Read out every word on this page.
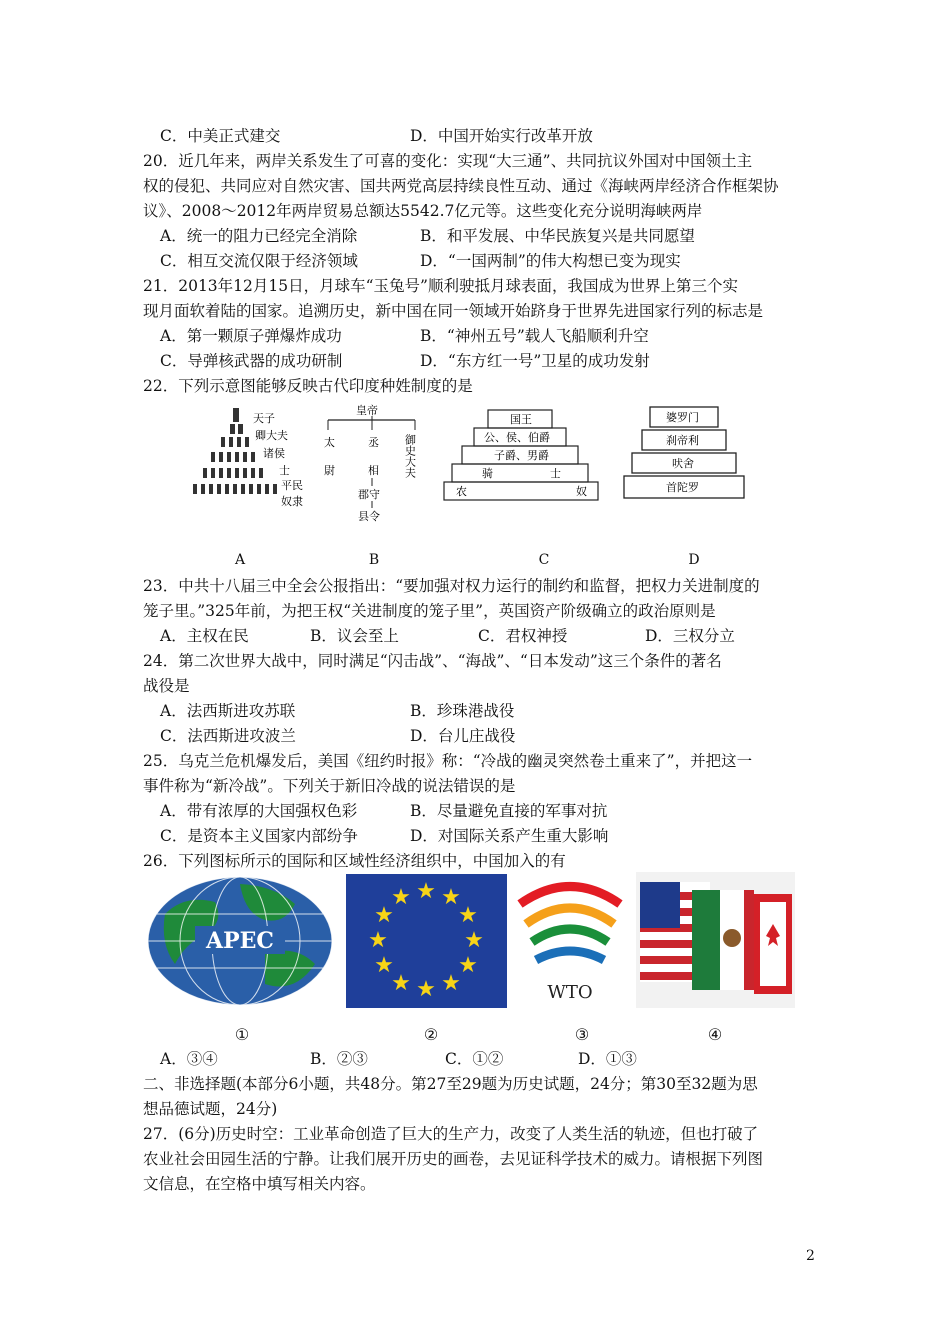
C．中美正式建交	D．中国开始实行改革开放
20．近几年来，两岸关系发生了可喜的变化：实现“大三通”、共同抗议外国对中国领土主
权的侵犯、共同应对自然灾害、国共两党高层持续良性互动、通过《海峡两岸经济合作框架协
议》、2008～2012年两岸贸易总额达5542.7亿元等。这些变化充分说明海峡两岸
A．统一的阻力已经完全消除	B．和平发展、中华民族复兴是共同愿望
C．相互交流仅限于经济领域	D．“一国两制”的伟大构想已变为现实
21．2013年12月15日，月球车“玉兔号”顺利驶抵月球表面，我国成为世界上第三个实
现月面软着陆的国家。追溯历史，新中国在同一领域开始跻身于世界先进国家行列的标志是
A．第一颗原子弹爆炸成功	B．“神州五号”载人飞船顺利升空
C．导弹核武器的成功研制	D．“东方红一号”卫星的成功发射
22．下列示意图能够反映古代印度种姓制度的是
天子
卿大夫
诸侯
士
平民
奴隶
皇帝
太	丞
尉	相 御史大夫
郡守
县令
国王
公、侯、伯爵
子爵、男爵
骑	士
农	奴
婆罗门
刹帝利
吠舍
首陀罗
A	B	C	D
23．中共十八届三中全会公报指出：“要加强对权力运行的制约和监督，把权力关进制度的
笼子里。”325年前，为把王权“关进制度的笼子里”，英国资产阶级确立的政治原则是
A．主权在民	B．议会至上	C．君权神授	D．三权分立
24．第二次世界大战中，同时满足“闪击战”、“海战”、“日本发动”这三个条件的著名
战役是
A．法西斯进攻苏联	B．珍珠港战役
C．法西斯进攻波兰	D．台儿庄战役
25．乌克兰危机爆发后，美国《纽约时报》称：“冷战的幽灵突然卷土重来了”，并把这一
事件称为“新冷战”。下列关于新旧冷战的说法错误的是
A．带有浓厚的大国强权色彩	B．尽量避免直接的军事对抗
C．是资本主义国家内部纷争	D．对国际关系产生重大影响
26．下列图标所示的国际和区域性经济组织中，中国加入的有
APEC
★ ★
★
★
★
★
★
★
★
★
★
★
WTO
①	②	③	④
A．③④	B．②③	C．①②	D．①③
二、非选择题(本部分6小题，共48分。第27至29题为历史试题，24分；第30至32题为思
想品德试题，24分)
27．(6分)历史时空：工业革命创造了巨大的生产力，改变了人类生活的轨迹，但也打破了
农业社会田园生活的宁静。让我们展开历史的画卷，去见证科学技术的威力。请根据下列图
文信息，在空格中填写相关内容。
2
